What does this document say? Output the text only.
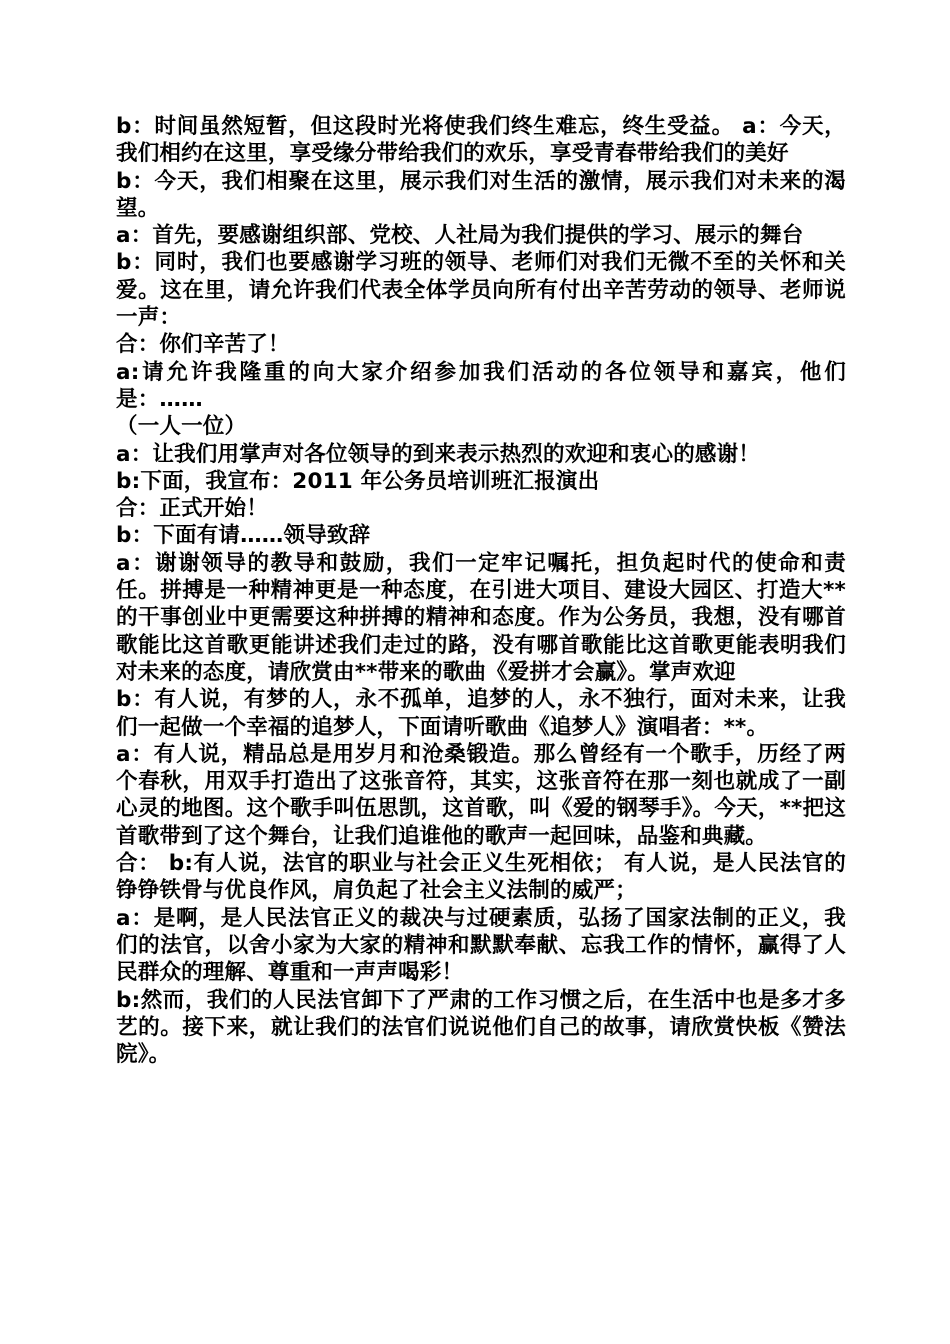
b：时间虽然短暂，但这段时光将使我们终生难忘，终生受益。 a：今天，我们相约在这里，享受缘分带给我们的欢乐，享受青春带给我们的美好

b：今天，我们相聚在这里，展示我们对生活的激情，展示我们对未来的渴望。

a：首先，要感谢组织部、党校、人社局为我们提供的学习、展示的舞台

b：同时，我们也要感谢学习班的领导、老师们对我们无微不至的关怀和关爱。这在里，请允许我们代表全体学员向所有付出辛苦劳动的领导、老师说一声：

合：你们辛苦了！

a:请允许我隆重的向大家介绍参加我们活动的各位领导和嘉宾，他们是：……

（一人一位）

a：让我们用掌声对各位领导的到来表示热烈的欢迎和衷心的感谢！

b:下面，我宣布：2011 年公务员培训班汇报演出

合：正式开始！

b：下面有请……领导致辞

a：谢谢领导的教导和鼓励，我们一定牢记嘱托，担负起时代的使命和责任。拼搏是一种精神更是一种态度，在引进大项目、建设大园区、打造大**的干事创业中更需要这种拼搏的精神和态度。作为公务员，我想，没有哪首歌能比这首歌更能讲述我们走过的路，没有哪首歌能比这首歌更能表明我们对未来的态度，请欣赏由**带来的歌曲《爱拼才会赢》。掌声欢迎

b：有人说，有梦的人，永不孤单，追梦的人，永不独行，面对未来，让我们一起做一个幸福的追梦人，下面请听歌曲《追梦人》演唱者：**。

a：有人说，精品总是用岁月和沧桑锻造。那么曾经有一个歌手，历经了两个春秋，用双手打造出了这张音符，其实，这张音符在那一刻也就成了一副心灵的地图。这个歌手叫伍思凯，这首歌，叫《爱的钢琴手》。今天，**把这首歌带到了这个舞台，让我们追谁他的歌声一起回味，品鉴和典藏。

合： b:有人说，法官的职业与社会正义生死相依； 有人说，是人民法官的铮铮铁骨与优良作风，肩负起了社会主义法制的威严；

a：是啊，是人民法官正义的裁决与过硬素质，弘扬了国家法制的正义，我们的法官，以舍小家为大家的精神和默默奉献、忘我工作的情怀，赢得了人民群众的理解、尊重和一声声喝彩！

b:然而，我们的人民法官卸下了严肃的工作习惯之后，在生活中也是多才多艺的。接下来，就让我们的法官们说说他们自己的故事，请欣赏快板《赞法院》。
